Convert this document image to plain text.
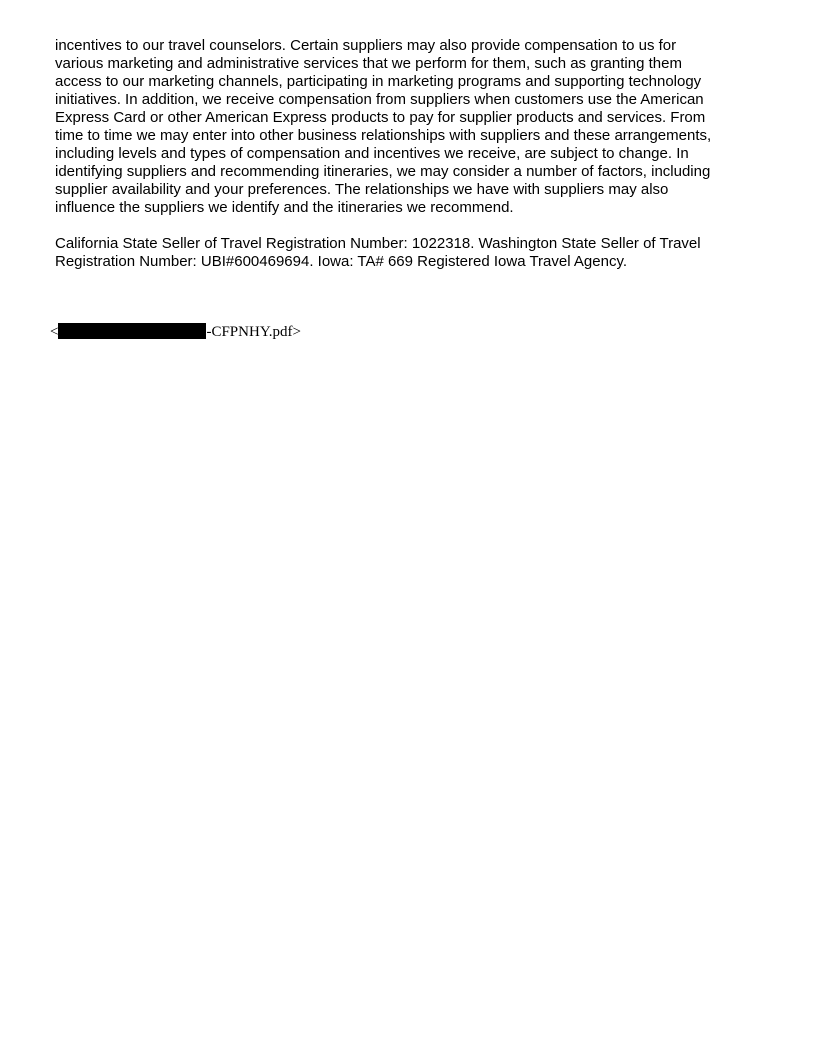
incentives to our travel counselors. Certain suppliers may also provide compensation to us for
various marketing and administrative services that we perform for them, such as granting them
access to our marketing channels, participating in marketing programs and supporting technology
initiatives. In addition, we receive compensation from suppliers when customers use the American
Express Card or other American Express products to pay for supplier products and services. From
time to time we may enter into other business relationships with suppliers and these arrangements,
including levels and types of compensation and incentives we receive, are subject to change. In
identifying suppliers and recommending itineraries, we may consider a number of factors, including
supplier availability and your preferences. The relationships we have with suppliers may also
influence the suppliers we identify and the itineraries we recommend.
California State Seller of Travel Registration Number: 1022318. Washington State Seller of Travel
Registration Number: UBI#600469694. Iowa: TA# 669 Registered Iowa Travel Agency.
<	-CFPNHY.pdf>
